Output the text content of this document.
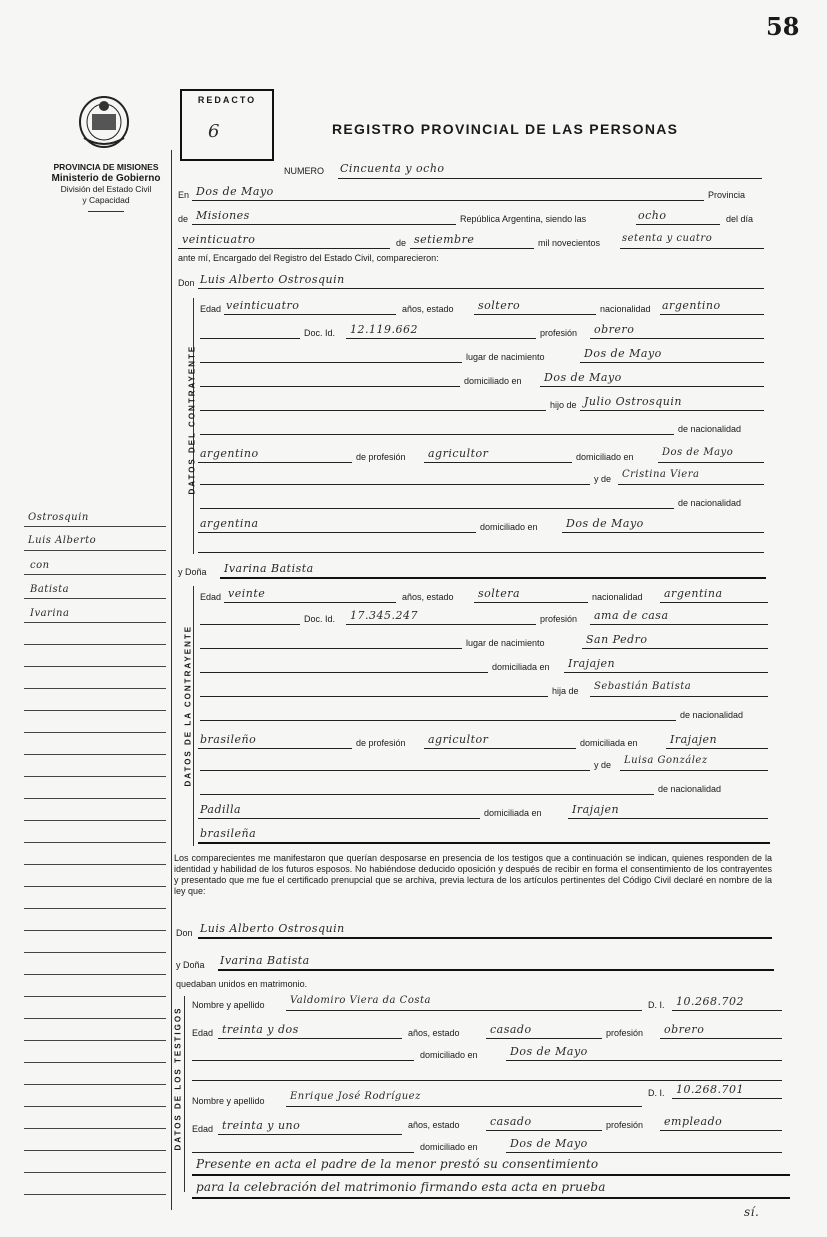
58
PROVINCIA DE MISIONES
Ministerio de Gobierno
División del Estado Civil
y Capacidad
REDACTO
6	REGISTRO PROVINCIAL DE LAS PERSONAS
NUMERO Cincuenta y ocho
En Dos de Mayo	Provincia
de Misiones	República Argentina, siendo las	ocho	del día
veinticuatro	de setiembre	mil novecientos setenta y cuatro
ante mí, Encargado del Registro del Estado Civil, comparecieron:
Don Luis Alberto Ostrosquin
DATOS DEL CONTRAYENTE
Edad veinticuatro	años, estado soltero	nacionalidad argentino
Doc. Id. 12.119.662	profesión obrero
lugar de nacimiento	Dos de Mayo
domiciliado en Dos de Mayo
hijo de Julio Ostrosquin
de nacionalidad
argentino	de profesión agricultor	domiciliado en	Dos de Mayo
y de Cristina Viera
de nacionalidad
argentina	domiciliado en	Dos de Mayo
y Doña Ivarina Batista
DATOS DE LA CONTRAYENTE
Edad veinte	años, estado soltera	nacionalidad argentina
Doc. Id. 17.345.247	profesión ama de casa
lugar de nacimiento	San Pedro
domiciliada en Irajajen
hija de Sebastián Batista
de nacionalidad
brasileño	de profesión agricultor	domiciliada en	Irajajen
y de Luisa González
de nacionalidad
Padilla	domiciliada en	Irajajen
brasileña
Los comparecientes me manifestaron que querían desposarse en presencia de los testigos que a continuación se indican, quienes responden de la identidad y habilidad de los futuros esposos. No habiéndose deducido oposición y después de recibir en forma el consentimiento de los contrayentes y presentado que me fue el certificado prenupcial que se archiva, previa lectura de los artículos pertinentes del Código Civil declaré en nombre de la ley que:
Don Luis Alberto Ostrosquin
y Doña Ivarina Batista
quedaban unidos en matrimonio.
DATOS DE LOS TESTIGOS
Nombre y apellido	Valdomiro Viera da Costa	D. I. 10.268.702
Edad treinta y dos	años, estado	casado	profesión obrero
domiciliado en	Dos de Mayo
Nombre y apellido	Enrique José Rodríguez	D. I. 10.268.701
Edad treinta y uno	años, estado	casado	profesión empleado
domiciliado en	Dos de Mayo
Presente en acta el padre de la menor prestó su consentimiento
para la celebración del matrimonio firmando esta acta en prueba
sí.
Ostrosquin
Luis Alberto
con
Batista
Ivarina
